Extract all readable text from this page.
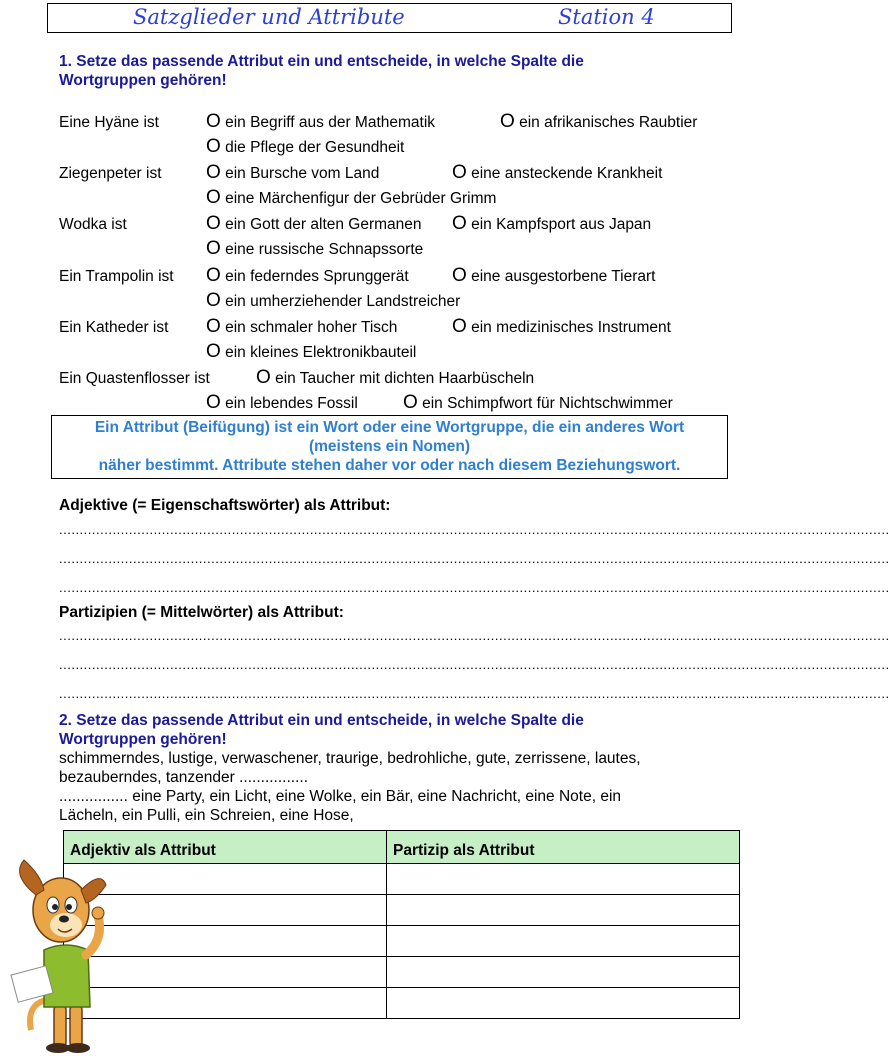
Satzglieder und Attribute	Station 4
1. Setze das passende Attribut ein und entscheide, in welche Spalte die
Wortgruppen gehören!
Eine Hyäne ist O ein Begriff aus der Mathematik	O ein afrikanisches Raubtier
O die Pflege der Gesundheit
Ziegenpeter ist O ein Bursche vom Land	O eine ansteckende Krankheit
O eine Märchenfigur der Gebrüder Grimm
Wodka ist	O ein Gott der alten Germanen O ein Kampfsport aus Japan
O eine russische Schnapssorte
Ein Trampolin ist O ein federndes Sprunggerät O eine ausgestorbene Tierart
O ein umherziehender Landstreicher
Ein Katheder ist O ein schmaler hoher Tisch	O ein medizinisches Instrument
O ein kleines Elektronikbauteil
Ein Quastenflosser ist O ein Taucher mit dichten Haarbüscheln
O ein lebendes Fossil O ein Schimpfwort für Nichtschwimmer
Ein Attribut (Beifügung) ist ein Wort oder eine Wortgruppe, die ein anderes Wort
(meistens ein Nomen)
näher bestimmt. Attribute stehen daher vor oder nach diesem Beziehungswort.
Adjektive (= Eigenschaftswörter) als Attribut:
..........................................................................................................................................................................................................
..........................................................................................................................................................................................................
..........................................................................................................................................................................................................
Partizipien (= Mittelwörter) als Attribut:
..........................................................................................................................................................................................................
..........................................................................................................................................................................................................
..........................................................................................................................................................................................................
2. Setze das passende Attribut ein und entscheide, in welche Spalte die
Wortgruppen gehören!
schimmerndes, lustige, verwaschener, traurige, bedrohliche, gute, zerrissene, lautes,
bezauberndes, tanzender ................
................ eine Party, ein Licht, eine Wolke, ein Bär, eine Nachricht, eine Note, ein
Lächeln, ein Pulli, ein Schreien, eine Hose,
Adjektiv als Attribut	Partizip als Attribut
